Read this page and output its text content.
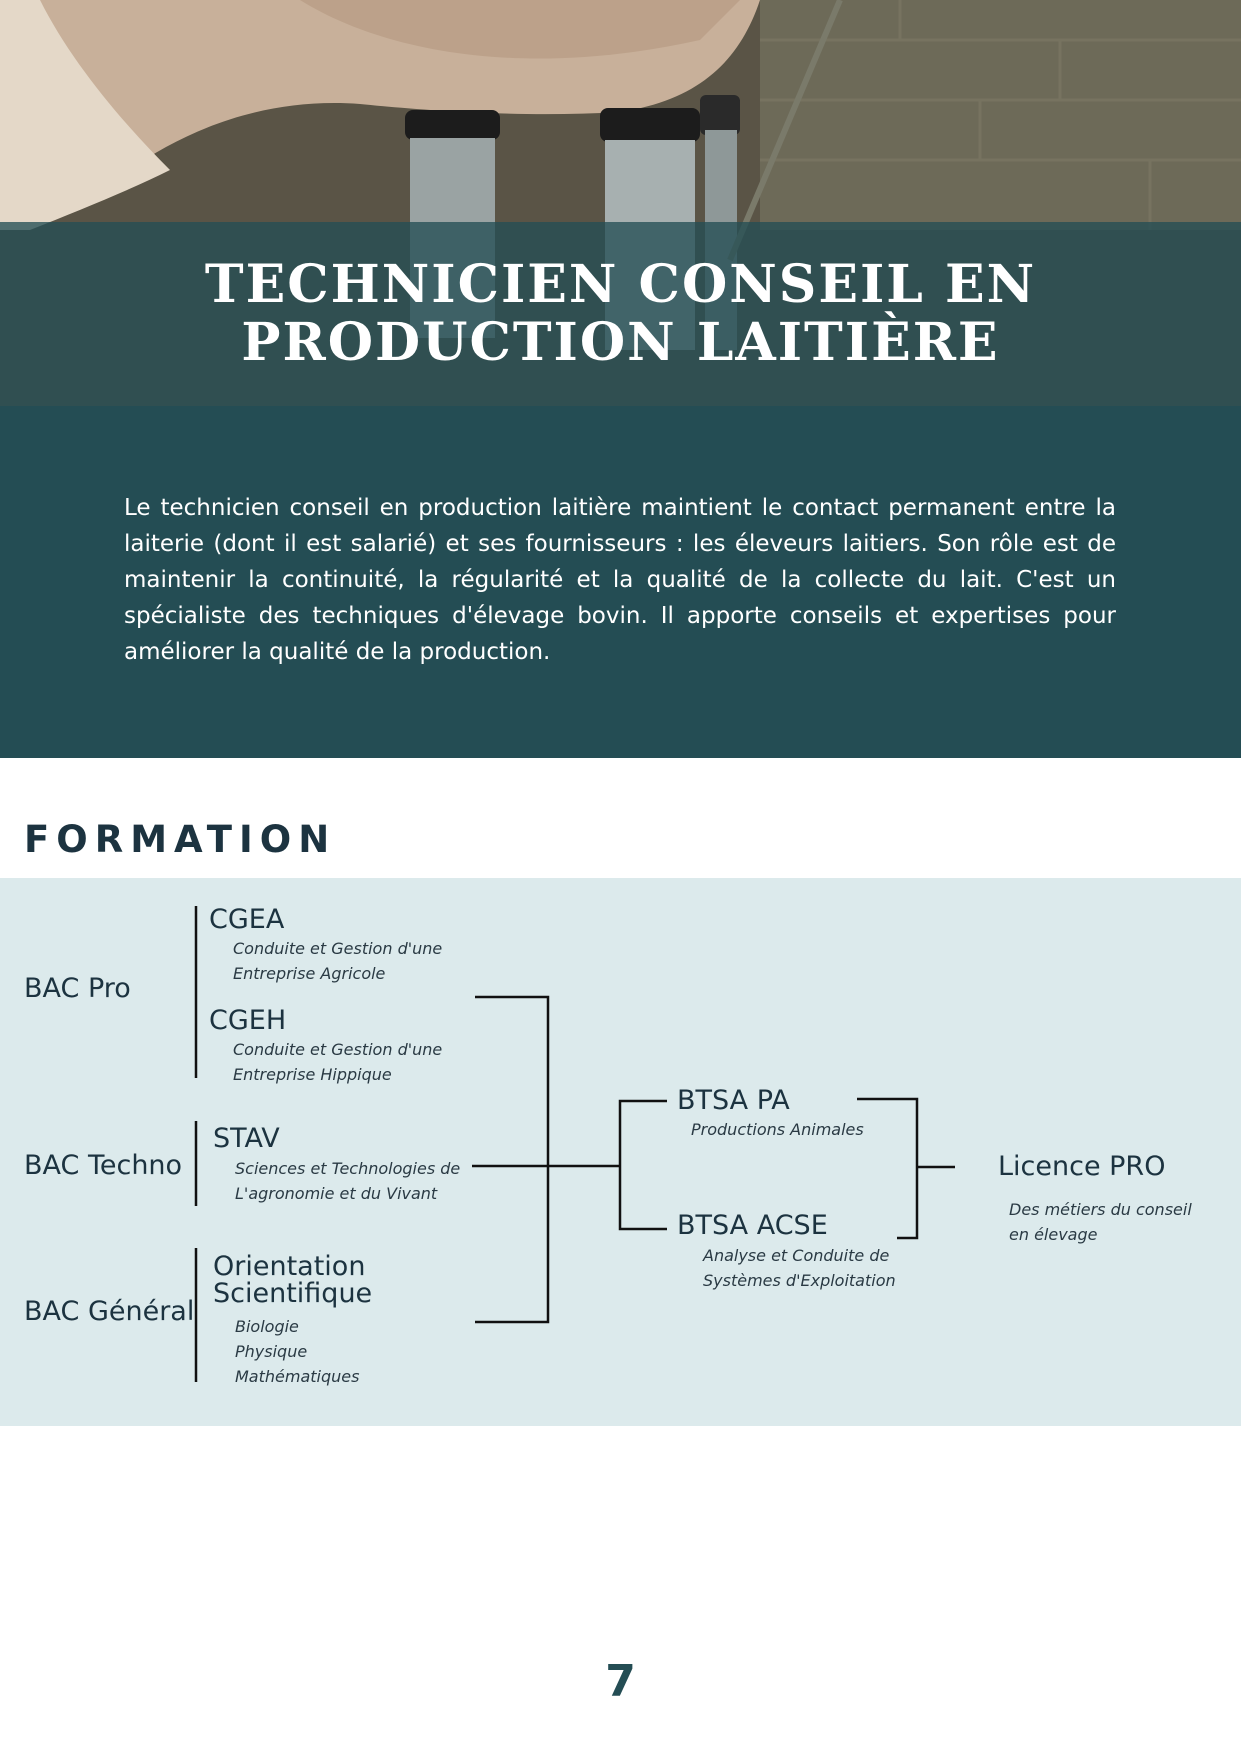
TECHNICIEN CONSEIL EN
PRODUCTION LAITIÈRE

Le technicien conseil en production laitière maintient le contact permanent entre la laiterie (dont il est salarié) et ses fournisseurs : les éleveurs laitiers. Son rôle est de maintenir la continuité, la régularité et la qualité de la collecte du lait. C'est un spécialiste des techniques d'élevage bovin. Il apporte conseils et expertises pour améliorer la qualité de la production.

FORMATION
BAC Pro
BAC Techno
BAC Général
CGEA
Conduite et Gestion d'une
Entreprise Agricole
CGEH
Conduite et Gestion d'une
Entreprise Hippique
STAV
Sciences et Technologies de
L'agronomie et du Vivant
Orientation
Scientifique
Biologie
Physique
Mathématiques
BTSA PA
Productions Animales
BTSA ACSE
Analyse et Conduite de
Systèmes d'Exploitation
Licence PRO
Des métiers du conseil
en élevage
7
